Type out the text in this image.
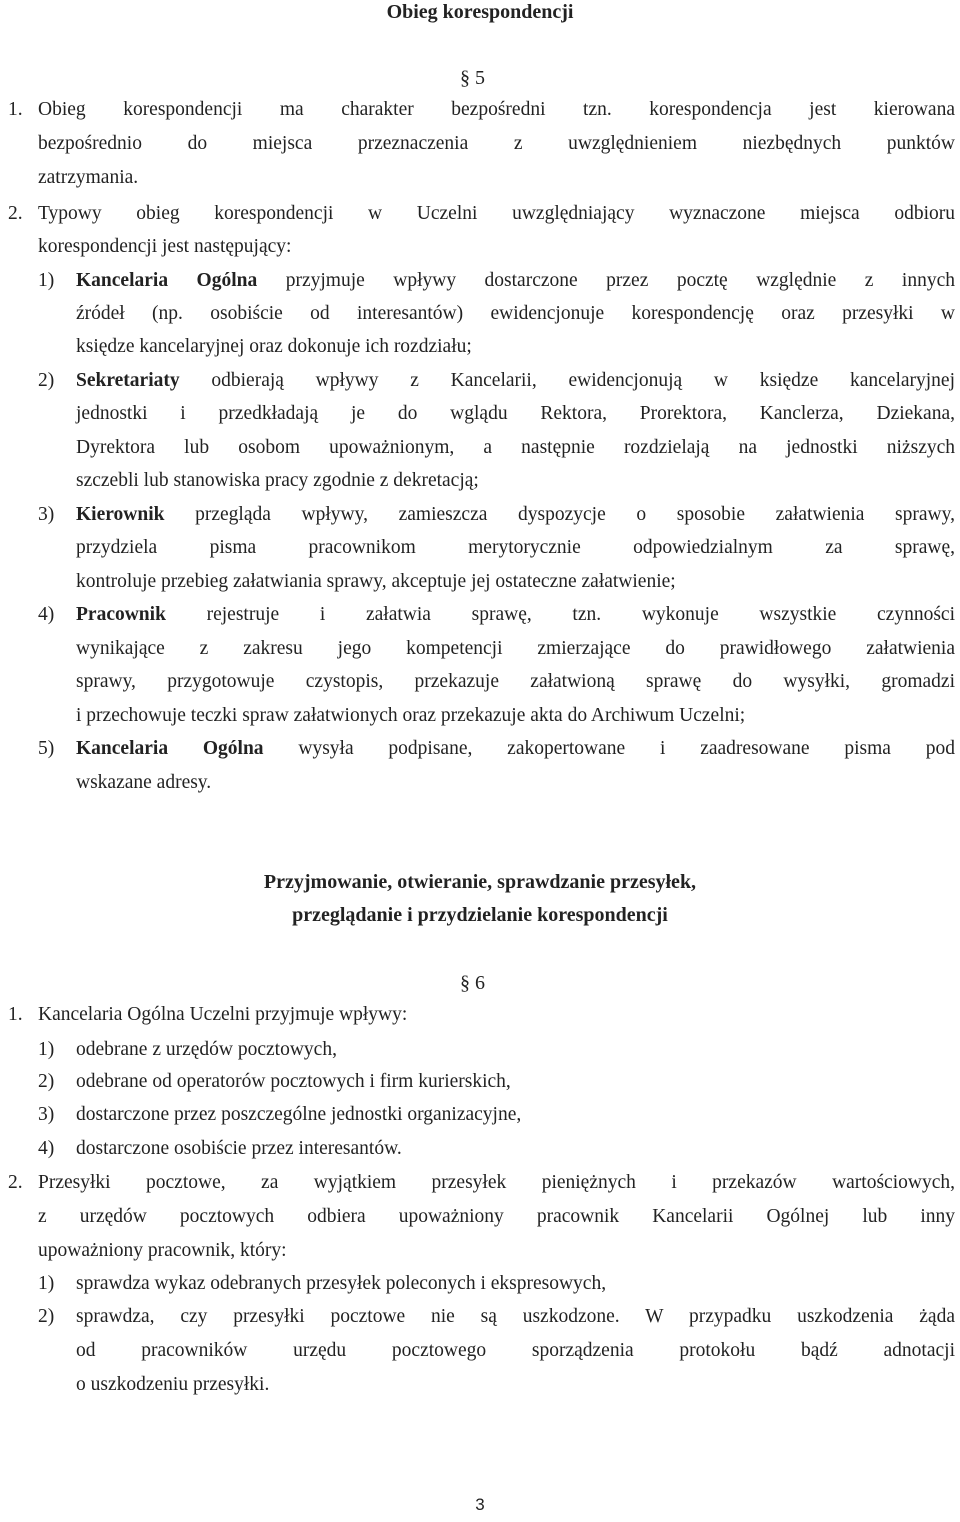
Obieg korespondencji
§ 5
1. Obieg korespondencji ma charakter bezpośredni tzn. korespondencja jest kierowana
bezpośrednio do miejsca przeznaczenia z uwzględnieniem niezbędnych punktów
zatrzymania.
2. Typowy obieg korespondencji w Uczelni uwzględniający wyznaczone miejsca odbioru
korespondencji jest następujący:
1) Kancelaria Ogólna przyjmuje wpływy dostarczone przez pocztę względnie z innych
źródeł (np. osobiście od interesantów) ewidencjonuje korespondencję oraz przesyłki w
księdze kancelaryjnej oraz dokonuje ich rozdziału;
2) Sekretariaty odbierają wpływy z Kancelarii, ewidencjonują w księdze kancelaryjnej
jednostki i przedkładają je do wglądu Rektora, Prorektora, Kanclerza, Dziekana,
Dyrektora lub osobom upoważnionym, a następnie rozdzielają na jednostki niższych
szczebli lub stanowiska pracy zgodnie z dekretacją;
3) Kierownik przegląda wpływy, zamieszcza dyspozycje o sposobie załatwienia sprawy,
przydziela pisma pracownikom merytorycznie odpowiedzialnym za sprawę,
kontroluje przebieg załatwiania sprawy, akceptuje jej ostateczne załatwienie;
4) Pracownik rejestruje i załatwia sprawę, tzn. wykonuje wszystkie czynności
wynikające z zakresu jego kompetencji zmierzające do prawidłowego załatwienia
sprawy, przygotowuje czystopis, przekazuje załatwioną sprawę do wysyłki, gromadzi
i przechowuje teczki spraw załatwionych oraz przekazuje akta do Archiwum Uczelni;
5) Kancelaria Ogólna wysyła podpisane, zakopertowane i zaadresowane pisma pod
wskazane adresy.
Przyjmowanie, otwieranie, sprawdzanie przesyłek,
przeglądanie i przydzielanie korespondencji
§ 6
1. Kancelaria Ogólna Uczelni przyjmuje wpływy:
1) odebrane z urzędów pocztowych,
2) odebrane od operatorów pocztowych i firm kurierskich,
3) dostarczone przez poszczególne jednostki organizacyjne,
4) dostarczone osobiście przez interesantów.
2. Przesyłki pocztowe, za wyjątkiem przesyłek pieniężnych i przekazów wartościowych,
z urzędów pocztowych odbiera upoważniony pracownik Kancelarii Ogólnej lub inny
upoważniony pracownik, który:
1) sprawdza wykaz odebranych przesyłek poleconych i ekspresowych,
2) sprawdza, czy przesyłki pocztowe nie są uszkodzone. W przypadku uszkodzenia żąda
od pracowników urzędu pocztowego sporządzenia protokołu bądź adnotacji
o uszkodzeniu przesyłki.
3
